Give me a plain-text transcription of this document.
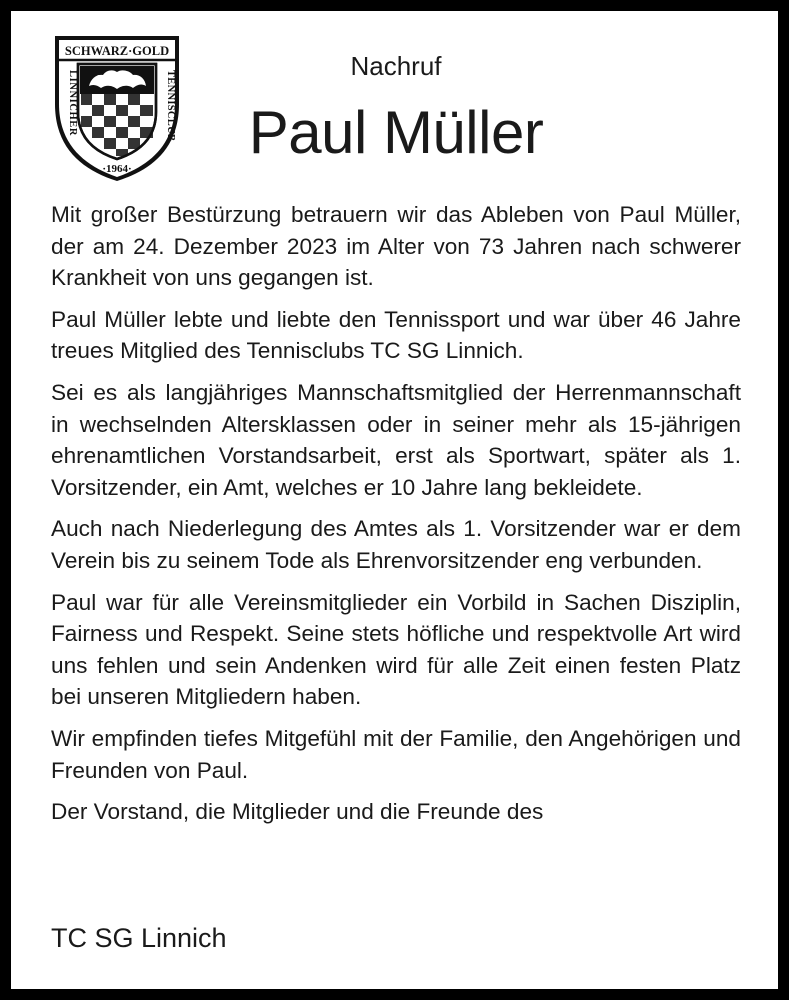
SCHWARZ·GOLD
LINNICHER	TENNISCLUB
·1964·
Nachruf
Paul Müller

Mit großer Bestürzung betrauern wir das Ableben von Paul Müller, der am 24. Dezember 2023 im Alter von 73 Jahren nach schwerer Krankheit von uns gegangen ist.

Paul Müller lebte und liebte den Tennissport und war über 46 Jahre treues Mitglied des Tennisclubs TC SG Linnich.

Sei es als langjähriges Mannschaftsmitglied der Herrenmannschaft in wechselnden Altersklassen oder in seiner mehr als 15-jährigen ehrenamtlichen Vorstandsarbeit, erst als Sportwart, später als 1. Vorsitzender, ein Amt, welches er 10 Jahre lang bekleidete.

Auch nach Niederlegung des Amtes als 1. Vorsitzender war er dem Verein bis zu seinem Tode als Ehrenvorsitzender eng verbunden.

Paul war für alle Vereinsmitglieder ein Vorbild in Sachen Disziplin, Fairness und Respekt. Seine stets höfliche und respektvolle Art wird uns fehlen und sein Andenken wird für alle Zeit einen festen Platz bei unseren Mitgliedern haben.

Wir empfinden tiefes Mitgefühl mit der Familie, den Angehörigen und Freunden von Paul.

Der Vorstand, die Mitglieder und die Freunde des

TC SG Linnich
